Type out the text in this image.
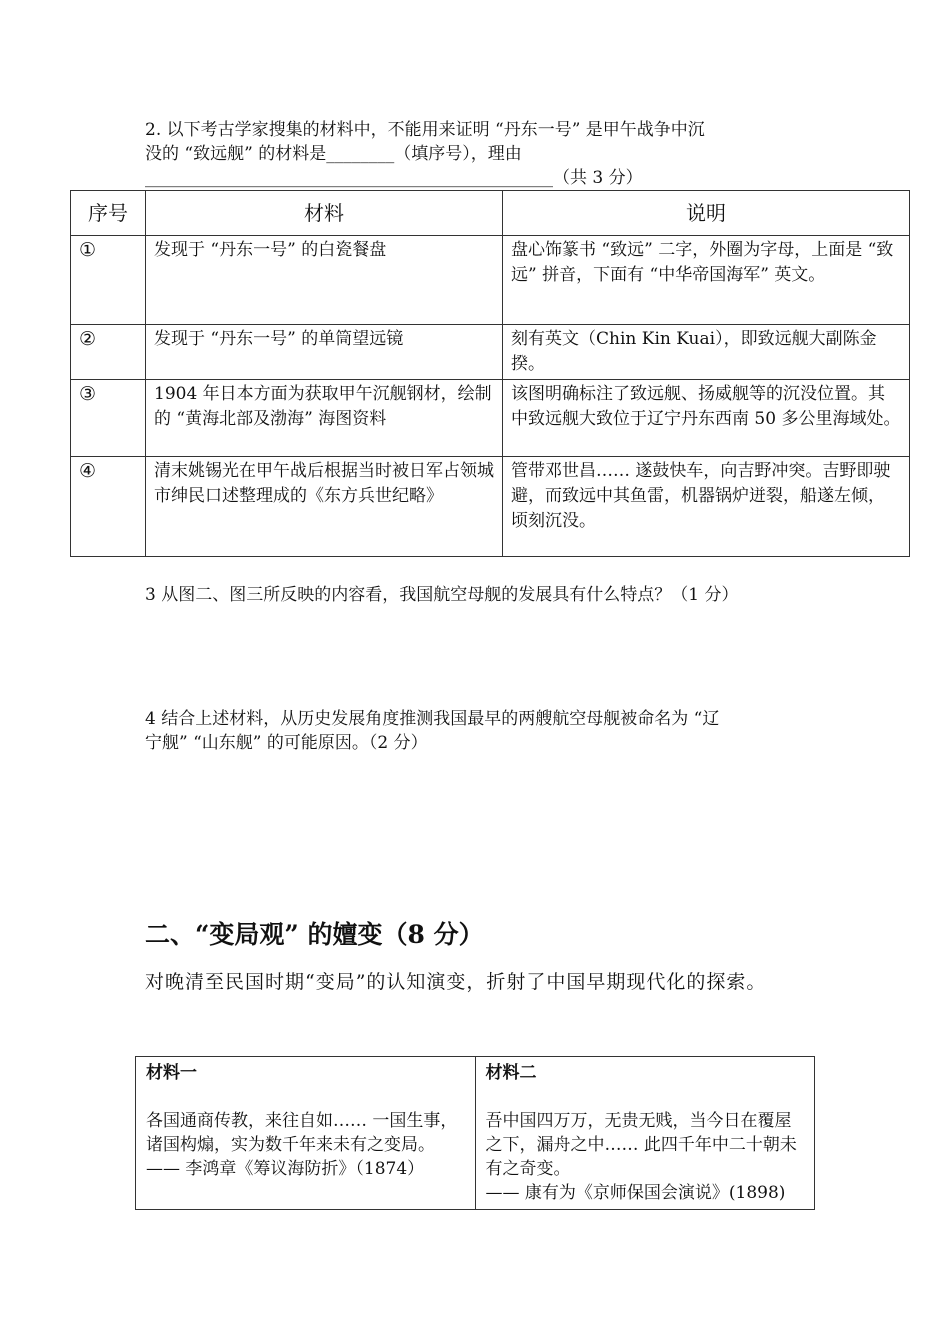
2. 以下考古学家搜集的材料中，不能用来证明 “丹东一号” 是甲午战争中沉
没的 “致远舰” 的材料是________（填序号），理由
________________________________________________（共 3 分）
序号	材料	说明
①	发现于 “丹东一号” 的白瓷餐盘	盘心饰篆书 “致远” 二字，外圈为字母，上面是 “致远” 拼音，下面有 “中华帝国海军” 英文。
②	发现于 “丹东一号” 的单筒望远镜	刻有英文（Chin Kin Kuai），即致远舰大副陈金揆。
③	1904 年日本方面为获取甲午沉舰钢材，绘制的 “黄海北部及渤海” 海图资料	该图明确标注了致远舰、扬威舰等的沉没位置。其中致远舰大致位于辽宁丹东西南 50 多公里海域处。
④	清末姚锡光在甲午战后根据当时被日军占领城市绅民口述整理成的《东方兵世纪略》	管带邓世昌…… 遂鼓快车，向吉野冲突。吉野即驶避，而致远中其鱼雷，机器锅炉迸裂，船遂左倾，顷刻沉没。
3 从图二、图三所反映的内容看，我国航空母舰的发展具有什么特点？（1 分）
4 结合上述材料，从历史发展角度推测我国最早的两艘航空母舰被命名为 “辽
宁舰” “山东舰” 的可能原因。（2 分）
二、“变局观” 的嬗变（8 分）
对晚清至民国时期“变局”的认知演变，折射了中国早期现代化的探索。
材料一
各国通商传教，来往自如…… 一国生事，诸国构煽，实为数千年来未有之变局。
—— 李鸿章《筹议海防折》（1874）

材料二
吾中国四万万，无贵无贱，当今日在覆屋之下，漏舟之中…… 此四千年中二十朝未有之奇变。
—— 康有为《京师保国会演说》(1898)
